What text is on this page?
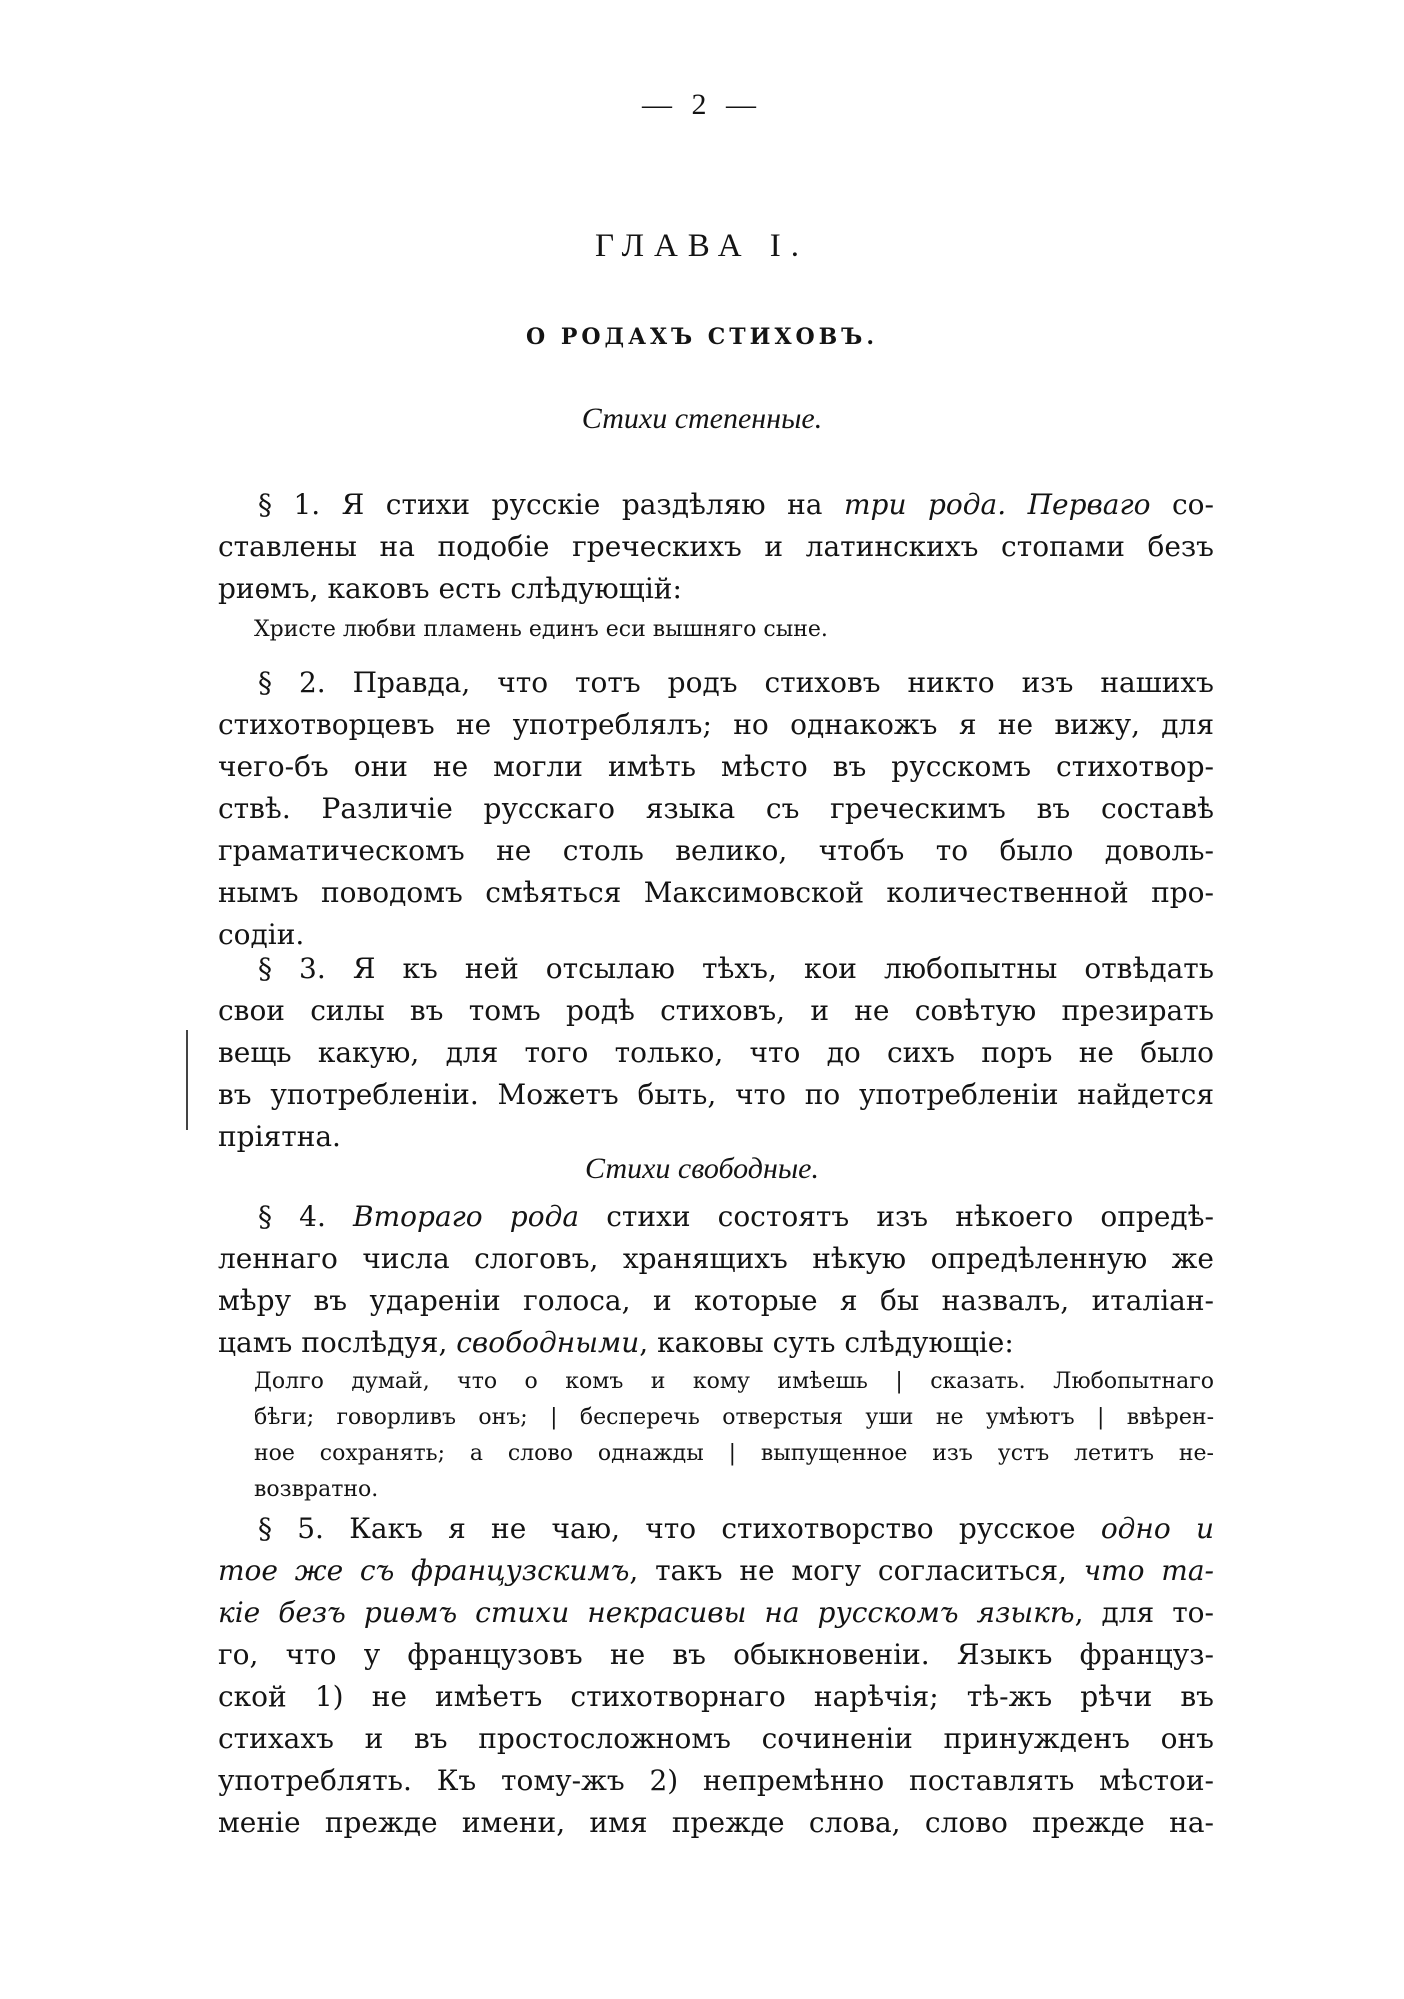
— 2 —
ГЛАВА I.
О РОДАХЪ СТИХОВЪ.
Стихи степенные.
§ 1. Я стихи русскіе раздѣляю на три рода. Перваго со-
ставлены на подобіе греческихъ и латинскихъ стопами безъ
риѳмъ, каковъ есть слѣдующій:
Христе любви пламень единъ еси вышняго сыне.
§ 2. Правда, что тотъ родъ стиховъ никто изъ нашихъ
стихотворцевъ не употреблялъ; но однакожъ я не вижу, для
чего-бъ они не могли имѣть мѣсто въ русскомъ стихотвор-
ствѣ. Различіе русскаго языка съ греческимъ въ составѣ
граматическомъ не столь велико, чтобъ то было доволь-
нымъ поводомъ смѣяться Максимовской количественной про-
содіи.
§ 3. Я къ ней отсылаю тѣхъ, кои любопытны отвѣдать
свои силы въ томъ родѣ стиховъ, и не совѣтую презирать
вещь какую, для того только, что до сихъ поръ не было
въ употребленіи. Можетъ быть, что по употребленіи найдется
пріятна.
Стихи свободные.
§ 4. Втораго рода стихи состоятъ изъ нѣкоего опредѣ-
леннаго числа слоговъ, хранящихъ нѣкую опредѣленную же
мѣру въ удареніи голоса, и которые я бы назвалъ, италіан-
цамъ послѣдуя, свободными, каковы суть слѣдующіе:
Долго думай, что о комъ и кому имѣешь | сказать. Любопытнаго
бѣги; говорливъ онъ; | бесперечь отверстыя уши не умѣютъ | ввѣрен-
ное сохранять; а слово однажды | выпущенное изъ устъ летитъ не-
возвратно.
§ 5. Какъ я не чаю, что стихотворство русское одно и
тое же съ французскимъ, такъ не могу согласиться, что та-
кіе безъ риѳмъ стихи некрасивы на русскомъ языкѣ, для то-
го, что у французовъ не въ обыкновеніи. Языкъ француз-
ской 1) не имѣетъ стихотворнаго нарѣчія; тѣ-жъ рѣчи въ
стихахъ и въ простосложномъ сочиненіи принужденъ онъ
употреблять. Къ тому-жъ 2) непремѣнно поставлять мѣстои-
меніе прежде имени, имя прежде слова, слово прежде на-
